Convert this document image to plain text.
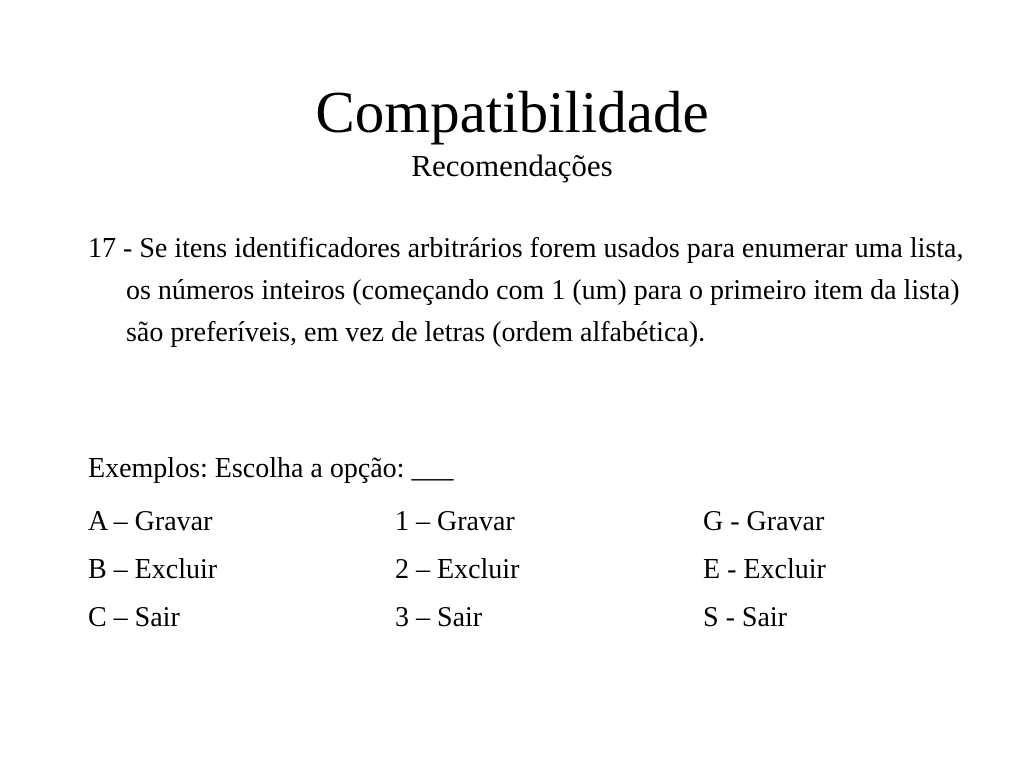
Compatibilidade
Recomendações
17 - Se itens identificadores arbitrários forem usados para enumerar uma lista, os números inteiros (começando com 1 (um) para o primeiro item da lista) são preferíveis, em vez de letras (ordem alfabética).
Exemplos: Escolha a opção: ___
A – Gravar	1 – Gravar	G - Gravar
B – Excluir	2 – Excluir	E - Excluir
C – Sair	3 – Sair	S - Sair
